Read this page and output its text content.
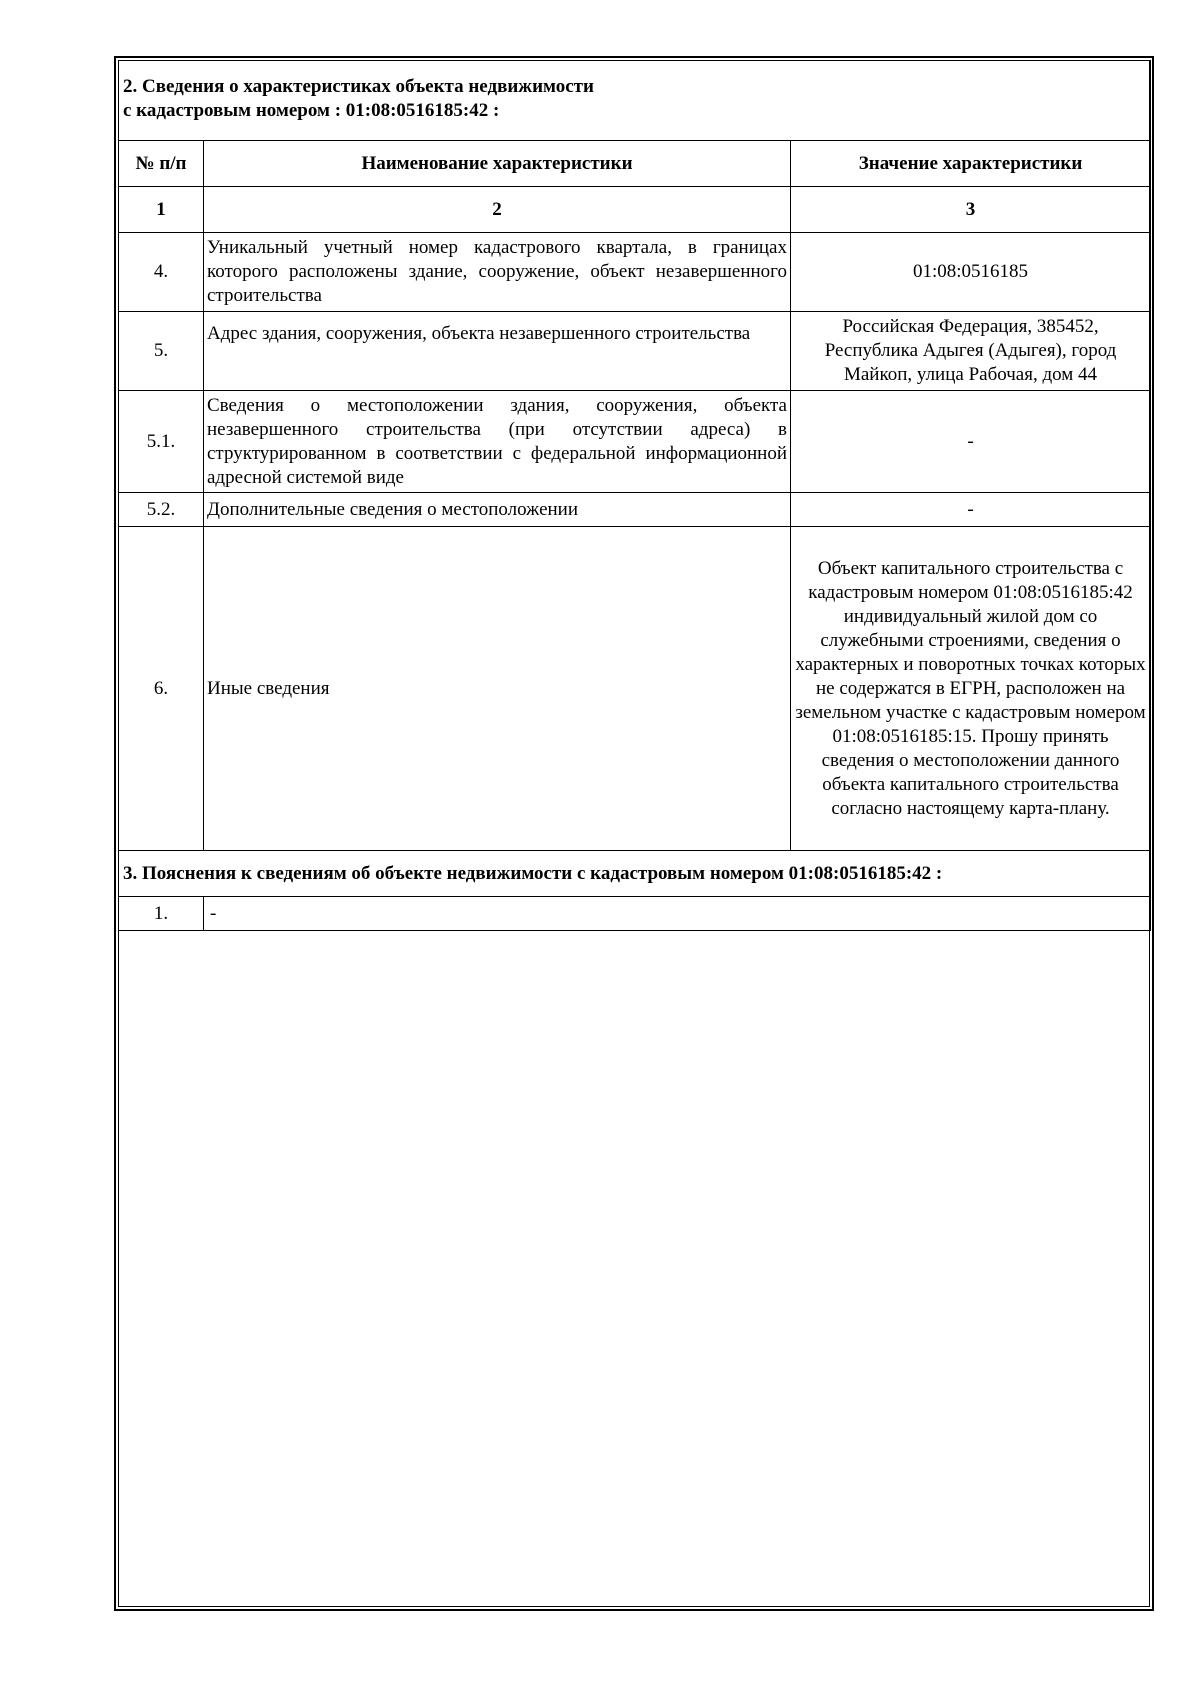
2. Сведения о характеристиках объекта недвижимости
с кадастровым номером : 01:08:0516185:42 :		

№ п/п	Наименование характеристики	Значение характеристики
1	2	3
4.	Уникальный учетный номер кадастрового квартала, в границах которого расположены здание, сооружение, объект незавершенного строительства	01:08:0516185
5.	Адрес здания, сооружения, объекта незавершенного строительства	Российская Федерация, 385452, Республика Адыгея (Адыгея), город Майкоп, улица Рабочая, дом 44
5.1.	Сведения о местоположении здания, сооружения, объекта незавершенного строительства (при отсутствии адреса) в структурированном в соответствии с федеральной информационной адресной системой виде	-
5.2.	Дополнительные сведения о местоположении	-
6.	Иные сведения	Объект капитального строительства с кадастровым номером 01:08:0516185:42 индивидуальный жилой дом со служебными строениями, сведения о характерных и поворотных точках которых не содержатся в ЕГРН, расположен на земельном участке с кадастровым номером 01:08:0516185:15. Прошу принять сведения о местоположении данного объекта капитального строительства согласно настоящему карта-плану.
3. Пояснения к сведениям об объекте недвижимости с кадастровым номером 01:08:0516185:42 :		
1.	-	
